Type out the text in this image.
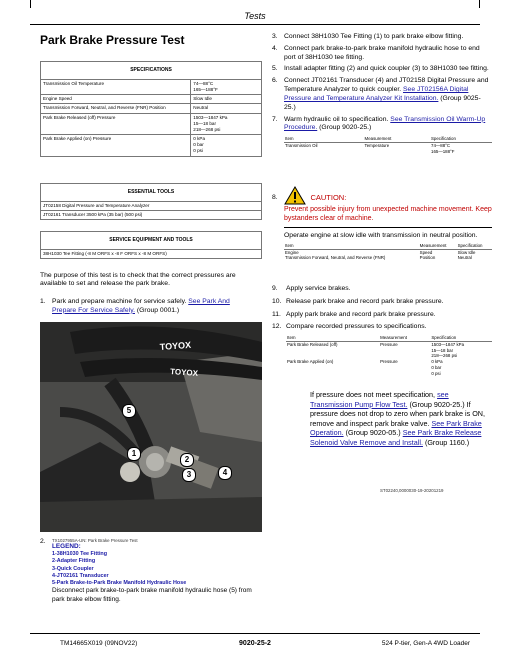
Tests
Park Brake Pressure Test
SPECIFICATIONS	
Transmission Oil Temperature	74—88°C
165—188°F

Engine Speed	Slow Idle
Transmission Forward, Neutral, and Reverse (FNR) Position	Neutral
Park Brake Released (off) Pressure	1503—1847 kPa
15—18 bar
218—268 psi

Park Brake Applied (on) Pressure	0 kPa
0 bar
0 psi
ESSENTIAL TOOLS
JT02158 Digital Pressure and Temperature Analyzer
JT02161 Transducer 3500 kPa (35 bar) (500 psi)
SERVICE EQUIPMENT AND TOOLS
38H1030 Tee Fitting (-8 M ORFS x -8 F ORFS x -8 M ORFS)
The purpose of this test is to check that the correct pressures are available to set and release the park brake.
1. Park and prepare machine for service safely. See Park And Prepare For Service Safely. (Group 0001.)
TOYOX
TOYOX
5
1
2
3	4
2. TX1027955A-UN: Park Brake Pressure Test
LEGEND:
1-38H1030 Tee Fitting
2-Adapter Fitting
3-Quick Coupler
4-JT02161 Transducer
5-Park Brake-to-Park Brake Manifold Hydraulic Hose
Disconnect park brake-to-park brake manifold hydraulic hose (5) from park brake elbow fitting.
3. Connect 38H1030 Tee Fitting (1) to park brake elbow fitting.
4. Connect park brake-to-park brake manifold hydraulic hose to end port of 38H1030 tee fitting.
5. Install adapter fitting (2) and quick coupler (3) to 38H1030 tee fitting.
6. Connect JT02161 Transducer (4) and JT02158 Digital Pressure and Temperature Analyzer to quick coupler. See JT02156A Digital Pressure and Temperature Analyzer Kit Installation. (Group 9025-25.)
7. Warm hydraulic oil to specification. See Transmission Oil Warm-Up Procedure. (Group 9020-25.)
Item	Measurement	Specification
Transmission Oil	Temperature	74—88°C
165—188°F
8.	CAUTION:
Prevent possible injury from unexpected machine movement. Keep bystanders clear of machine.
Operate engine at slow idle with transmission in neutral position.
Item	Measurement	Specification
Engine	Speed	Slow Idle
Transmission Forward, Neutral, and Reverse (FNR)	Position	Neutral
9. Apply service brakes.
10. Release park brake and record park brake pressure.
11. Apply park brake and record park brake pressure.
12. Compare recorded pressures to specifications.
Item	Measurement	Specification
Park Brake Released (off)	Pressure	1503—1847 kPa
15—18 bar
218—268 psi
Park Brake Applied (on)	Pressure	0 kPa
0 bar
0 psi
If pressure does not meet specification, see Transmission Pump Flow Test. (Group 9020-25.) If pressure does not drop to zero when park brake is ON, remove and inspect park brake valve. See Park Brake Operation. (Group 9020-05.) See Park Brake Release Solenoid Valve Remove and Install. (Group 1160.)
ST02240,0000030-19-20201219
TM14665X019 (09NOV22)	9020-25-2	524 P-tier, Gen-A 4WD Loader
